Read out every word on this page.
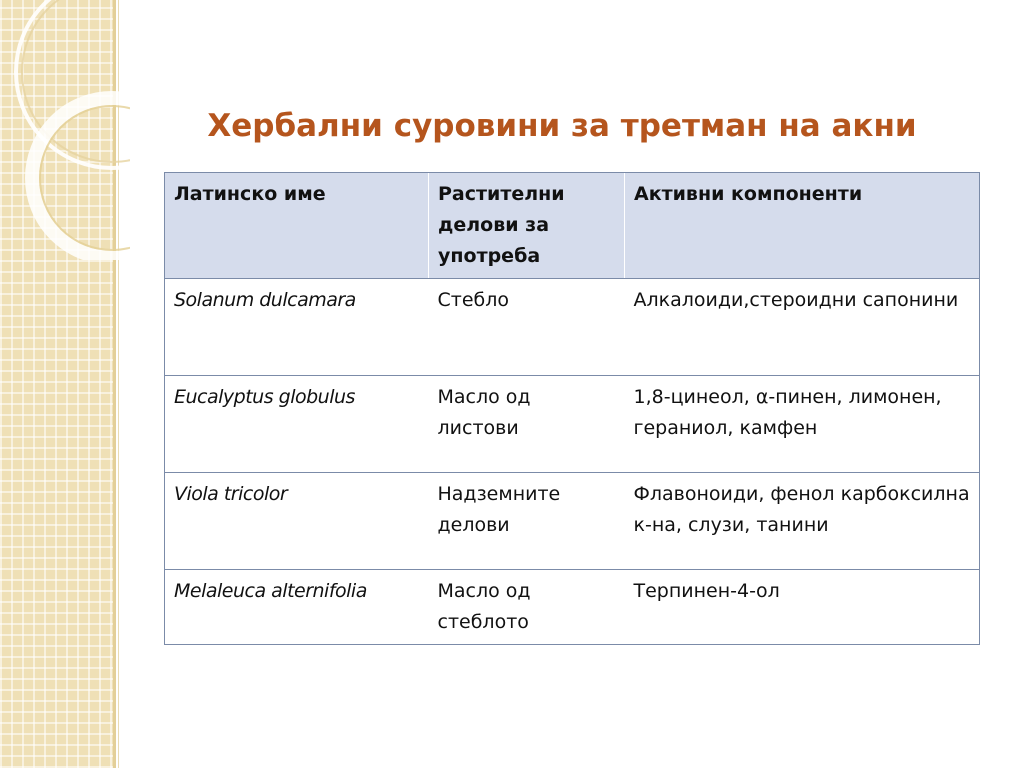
Хербални суровини за третман на акни
Латинско име	Растителни делови за употреба	Активни компоненти
Solanum dulcamara	Стебло	Алкалоиди,стероидни сапонини
Eucalyptus globulus	Масло од листови	1,8-цинеол, α-пинен, лимонен, гераниол, камфен
Viola tricolor	Надземните делови	Флавоноиди, фенол карбоксилна к-на, слузи, танини
Melaleuca alternifolia	Масло од стеблото	Терпинен-4-ол
